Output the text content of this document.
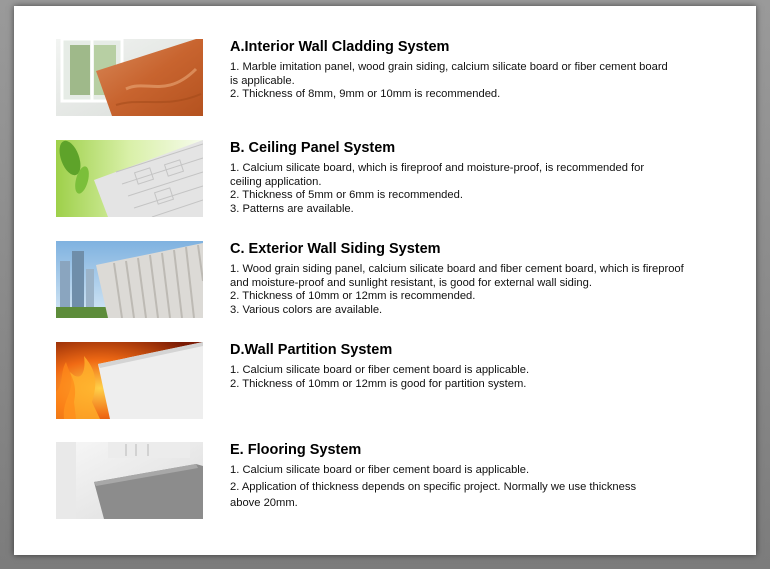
A.Interior Wall Cladding System

1. Marble imitation panel, wood grain siding, calcium silicate board or fiber cement board

is applicable.

2. Thickness of 8mm, 9mm or 10mm is recommended.

B. Ceiling Panel System

1. Calcium silicate board, which is fireproof and moisture-proof, is recommended for

ceiling application.

2. Thickness of 5mm or 6mm is recommended.

3. Patterns are available.

C. Exterior Wall Siding System

1. Wood grain siding panel, calcium silicate board and fiber cement board, which is fireproof

and moisture-proof and sunlight resistant, is good for external wall siding.

2. Thickness of 10mm or 12mm is recommended.

3. Various colors are available.

D.Wall Partition System

1. Calcium silicate board or fiber cement board is applicable.

2. Thickness of 10mm or 12mm is good for partition system.

E. Flooring System

1. Calcium silicate board or fiber cement board is applicable.

2. Application of thickness depends on specific project. Normally we use thickness

above 20mm.
